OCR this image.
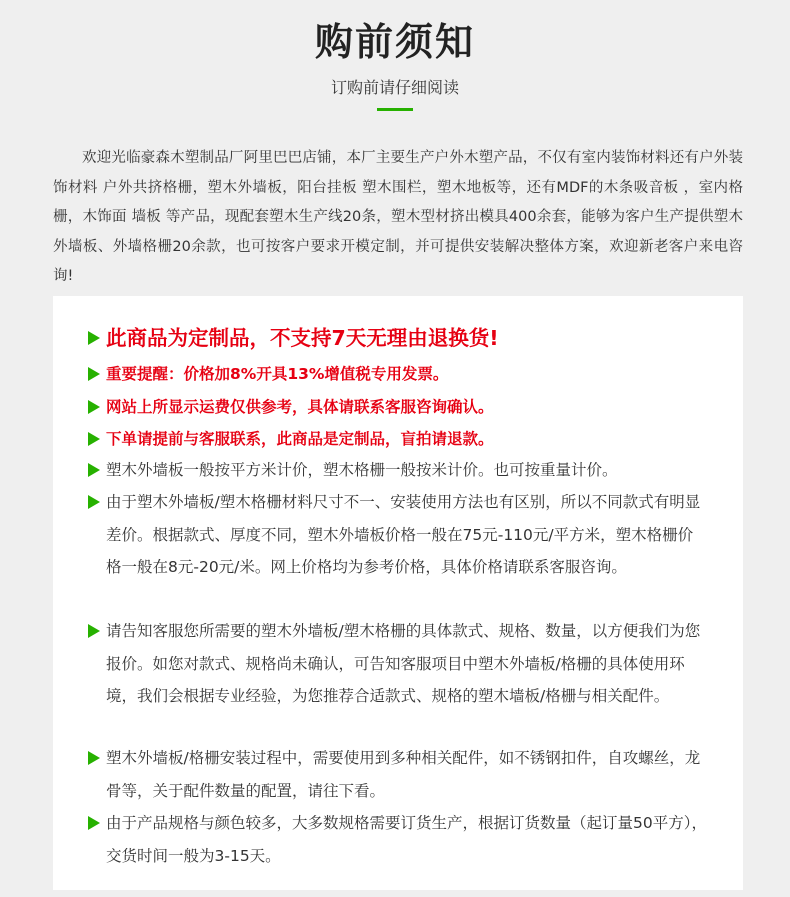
购前须知
订购前请仔细阅读
欢迎光临豪森木塑制品厂阿里巴巴店铺，本厂主要生产户外木塑产品，不仅有室内装饰材料还有户外装饰材料 户外共挤格栅，塑木外墙板，阳台挂板 塑木围栏，塑木地板等，还有MDF的木条吸音板 ，室内格栅，木饰面 墙板 等产品，现配套塑木生产线20条，塑木型材挤出模具400余套，能够为客户生产提供塑木外墙板、外墙格栅20余款，也可按客户要求开模定制，并可提供安装解决整体方案，欢迎新老客户来电咨询!
此商品为定制品，不支持7天无理由退换货!
重要提醒：价格加8%开具13%增值税专用发票。
网站上所显示运费仅供参考，具体请联系客服咨询确认。
下单请提前与客服联系，此商品是定制品，盲拍请退款。
塑木外墙板一般按平方米计价，塑木格栅一般按米计价。也可按重量计价。
由于塑木外墙板/塑木格栅材料尺寸不一、安装使用方法也有区别，所以不同款式有明显差价。根据款式、厚度不同，塑木外墙板价格一般在75元-110元/平方米，塑木格栅价格一般在8元-20元/米。网上价格均为参考价格，具体价格请联系客服咨询。
请告知客服您所需要的塑木外墙板/塑木格栅的具体款式、规格、数量，以方便我们为您报价。如您对款式、规格尚未确认，可告知客服项目中塑木外墙板/格栅的具体使用环境，我们会根据专业经验，为您推荐合适款式、规格的塑木墙板/格栅与相关配件。
塑木外墙板/格栅安装过程中，需要使用到多种相关配件，如不锈钢扣件，自攻螺丝，龙骨等，关于配件数量的配置，请往下看。
由于产品规格与颜色较多，大多数规格需要订货生产，根据订货数量（起订量50平方），交货时间一般为3-15天。
